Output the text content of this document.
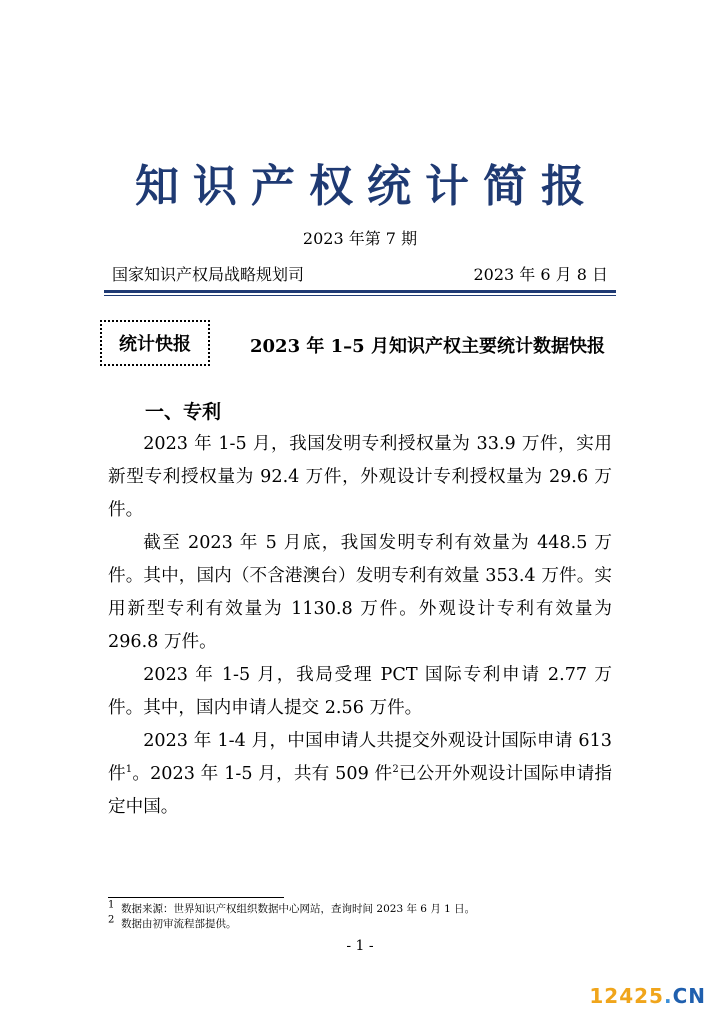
知识产权统计简报
2023 年第 7 期
国家知识产权局战略规划司	2023 年 6 月 8 日
统计快报	2023 年 1–5 月知识产权主要统计数据快报
一、专利

2023 年 1-5 月，我国发明专利授权量为 33.9 万件，实用新型专利授权量为 92.4 万件，外观设计专利授权量为 29.6 万件。

截至 2023 年 5 月底，我国发明专利有效量为 448.5 万件。其中，国内（不含港澳台）发明专利有效量 353.4 万件。实用新型专利有效量为 1130.8 万件。外观设计专利有效量为 296.8 万件。

2023 年 1-5 月，我局受理 PCT 国际专利申请 2.77 万件。其中，国内申请人提交 2.56 万件。

2023 年 1-4 月，中国申请人共提交外观设计国际申请 613 件$^1$。2023 年 1-5 月，共有 509 件$^2$已公开外观设计国际申请指定中国。

$^1$ 数据来源：世界知识产权组织数据中心网站，查询时间 2023 年 6 月 1 日。
$^2$ 数据由初审流程部提供。
- 1 -
12425.CN
